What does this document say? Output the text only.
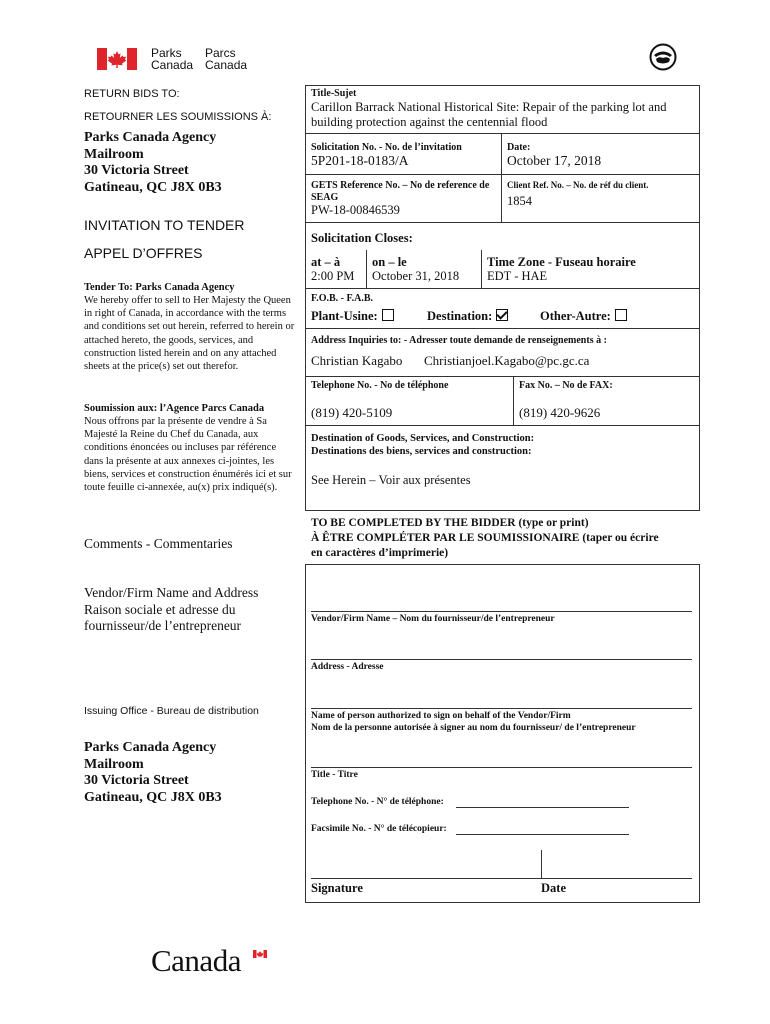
Parks
Canada
Parcs
Canada
RETURN BIDS TO:
RETOURNER LES SOUMISSIONS À:
Parks Canada Agency
Mailroom
30 Victoria Street
Gatineau, QC J8X 0B3
INVITATION TO TENDER
APPEL D’OFFRES
Tender To: Parks Canada Agency
We hereby offer to sell to Her Majesty the Queen in right of Canada, in accordance with the terms and conditions set out herein, referred to herein or attached hereto, the goods, services, and construction listed herein and on any attached sheets at the price(s) set out therefor.
Soumission aux: l’Agence Parcs Canada
Nous offrons par la présente de vendre à Sa Majesté la Reine du Chef du Canada, aux conditions énoncées ou incluses par référence dans la présente at aux annexes ci-jointes, les biens, services et construction énumérés ici et sur toute feuille ci-annexée, au(x) prix indiqué(s).
Comments - Commentaries
Vendor/Firm Name and Address
Raison sociale et adresse du
fournisseur/de l’entrepreneur
Issuing Office - Bureau de distribution
Parks Canada Agency
Mailroom
30 Victoria Street
Gatineau, QC J8X 0B3
Title-Sujet
Carillon Barrack National Historical Site: Repair of the parking lot and building protection against the centennial flood
Solicitation No. - No. de l’invitation
5P201-18-0183/A
Date:
October 17, 2018
GETS Reference No. – No de reference de SEAG
PW-18-00846539
Client Ref. No. – No. de réf du client.
1854
Solicitation Closes:
at – à
2:00 PM
on – le
October 31, 2018
Time Zone - Fuseau horaire
EDT - HAE
F.O.B. - F.A.B.
Plant-Usine:	Destination:	Other-Autre:
Address Inquiries to: - Adresser toute demande de renseignements à :
Christian Kagabo Christianjoel.Kagabo@pc.gc.ca
Telephone No. - No de téléphone	Fax No. – No de FAX:
(819) 420-5109	(819) 420-9626
Destination of Goods, Services, and Construction:
Destinations des biens, services and construction:
See Herein – Voir aux présentes
TO BE COMPLETED BY THE BIDDER (type or print)
À ÊTRE COMPLÉTER PAR LE SOUMISSIONAIRE (taper ou écrire
en caractères d’imprimerie)
Vendor/Firm Name – Nom du fournisseur/de l’entrepreneur
Address - Adresse
Name of person authorized to sign on behalf of the Vendor/Firm
Nom de la personne autorisée à signer au nom du fournisseur/ de l’entrepreneur
Title - Titre
Telephone No. - N° de téléphone:
Facsimile No. - N° de télécopieur:
Signature	Date
Canada
